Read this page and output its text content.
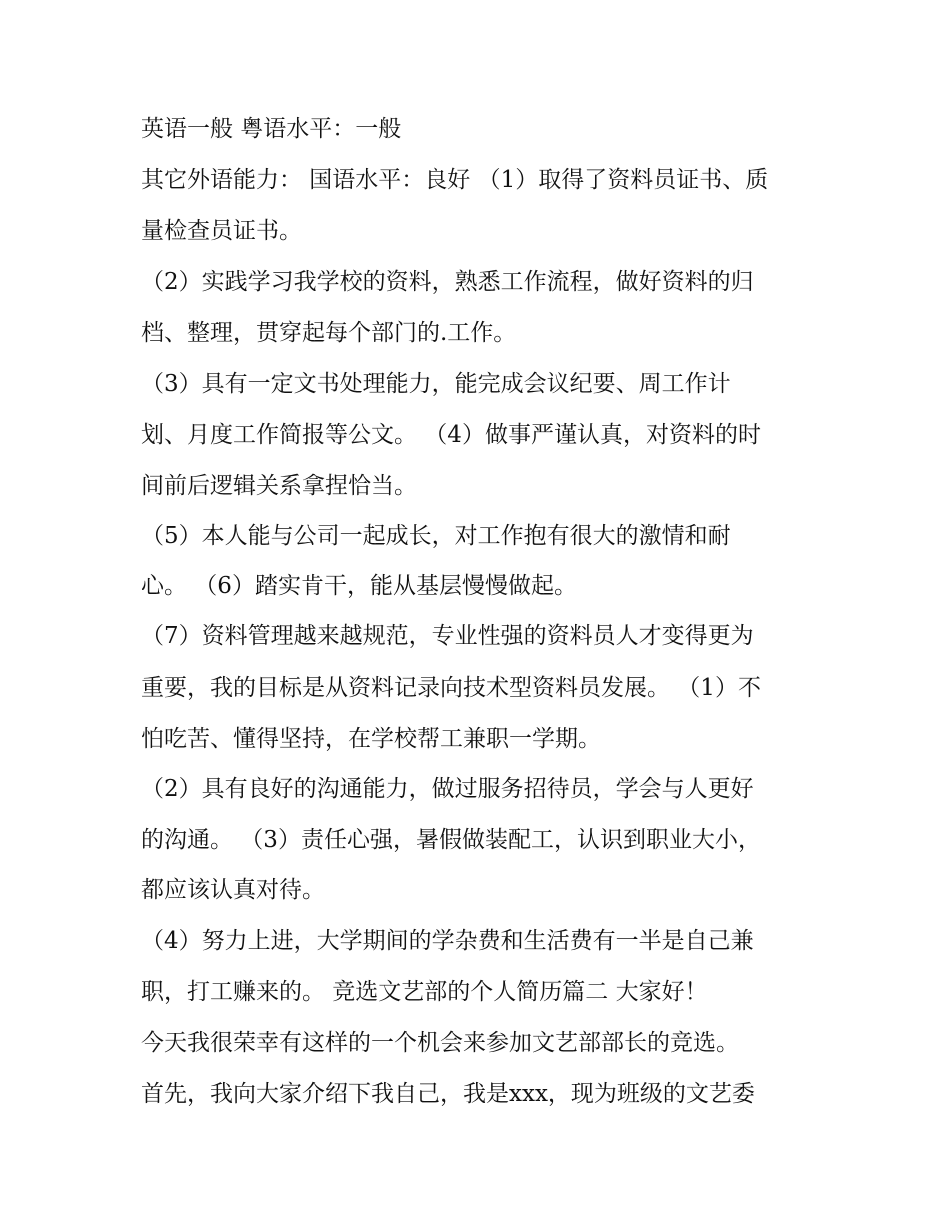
英语一般 粤语水平：一般
其它外语能力： 国语水平：良好 （1）取得了资料员证书、质
量检查员证书。
（2）实践学习我学校的资料，熟悉工作流程，做好资料的归
档、整理，贯穿起每个部门的.工作。
（3）具有一定文书处理能力，能完成会议纪要、周工作计
划、月度工作简报等公文。 （4）做事严谨认真，对资料的时
间前后逻辑关系拿捏恰当。
（5）本人能与公司一起成长，对工作抱有很大的激情和耐
心。 （6）踏实肯干，能从基层慢慢做起。
（7）资料管理越来越规范，专业性强的资料员人才变得更为
重要，我的目标是从资料记录向技术型资料员发展。 （1）不
怕吃苦、懂得坚持，在学校帮工兼职一学期。
（2）具有良好的沟通能力，做过服务招待员，学会与人更好
的沟通。 （3）责任心强，暑假做装配工，认识到职业大小，
都应该认真对待。
（4）努力上进，大学期间的学杂费和生活费有一半是自己兼
职，打工赚来的。 竞选文艺部的个人简历篇二 大家好！
今天我很荣幸有这样的一个机会来参加文艺部部长的竞选。
首先，我向大家介绍下我自己，我是xxx，现为班级的文艺委
